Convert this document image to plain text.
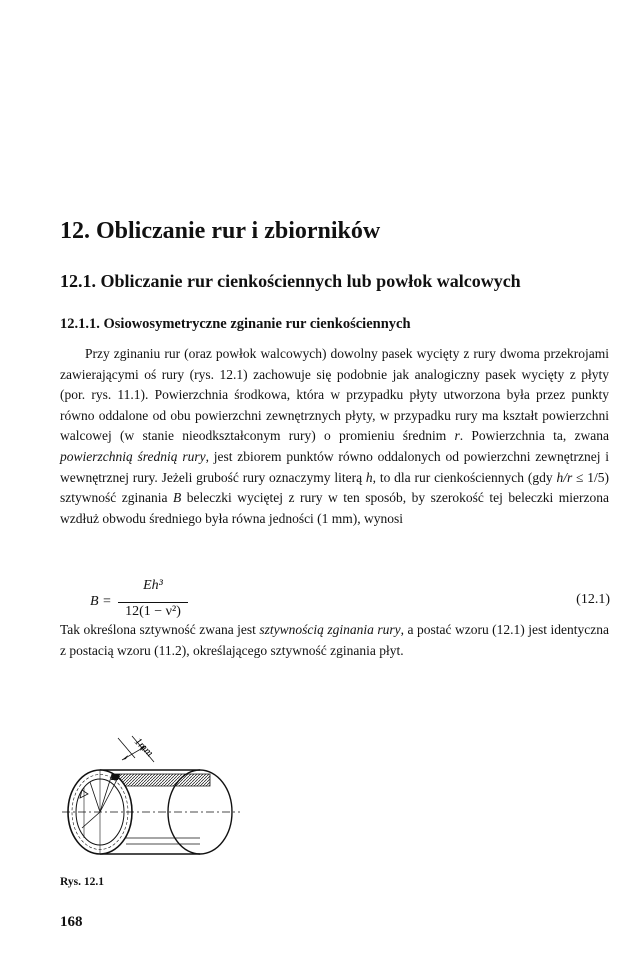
12. Obliczanie rur i zbiorników
12.1. Obliczanie rur cienkościennych lub powłok walcowych
12.1.1. Osiowosymetryczne zginanie rur cienkościennych

Przy zginaniu rur (oraz powłok walcowych) dowolny pasek wycięty z rury dwoma przekrojami zawierającymi oś rury (rys. 12.1) zachowuje się podobnie jak analogiczny pasek wycięty z płyty (por. rys. 11.1). Powierzchnia środkowa, która w przypadku płyty utworzona była przez punkty równo oddalone od obu powierzchni zewnętrznych płyty, w przypadku rury ma kształt powierzchni walcowej (w stanie nieodkształconym rury) o promieniu średnim r. Powierzchnia ta, zwana powierzchnią średnią rury, jest zbiorem punktów równo oddalonych od powierzchni zewnętrznej i wewnętrznej rury. Jeżeli grubość rury oznaczymy literą h, to dla rur cienkościennych (gdy h/r ≤ 1/5) sztywność zginania B beleczki wyciętej z rury w ten sposób, by szerokość tej beleczki mierzona wzdłuż obwodu średniego była równa jedności (1 mm), wynosi

B =
Eh³
12(1 − ν²)
(12.1)

Tak określona sztywność zwana jest sztywnością zginania rury, a postać wzoru (12.1) jest identyczna z postacią wzoru (11.2), określającego sztywność zginania płyt.

1mm
Rys. 12.1
168
